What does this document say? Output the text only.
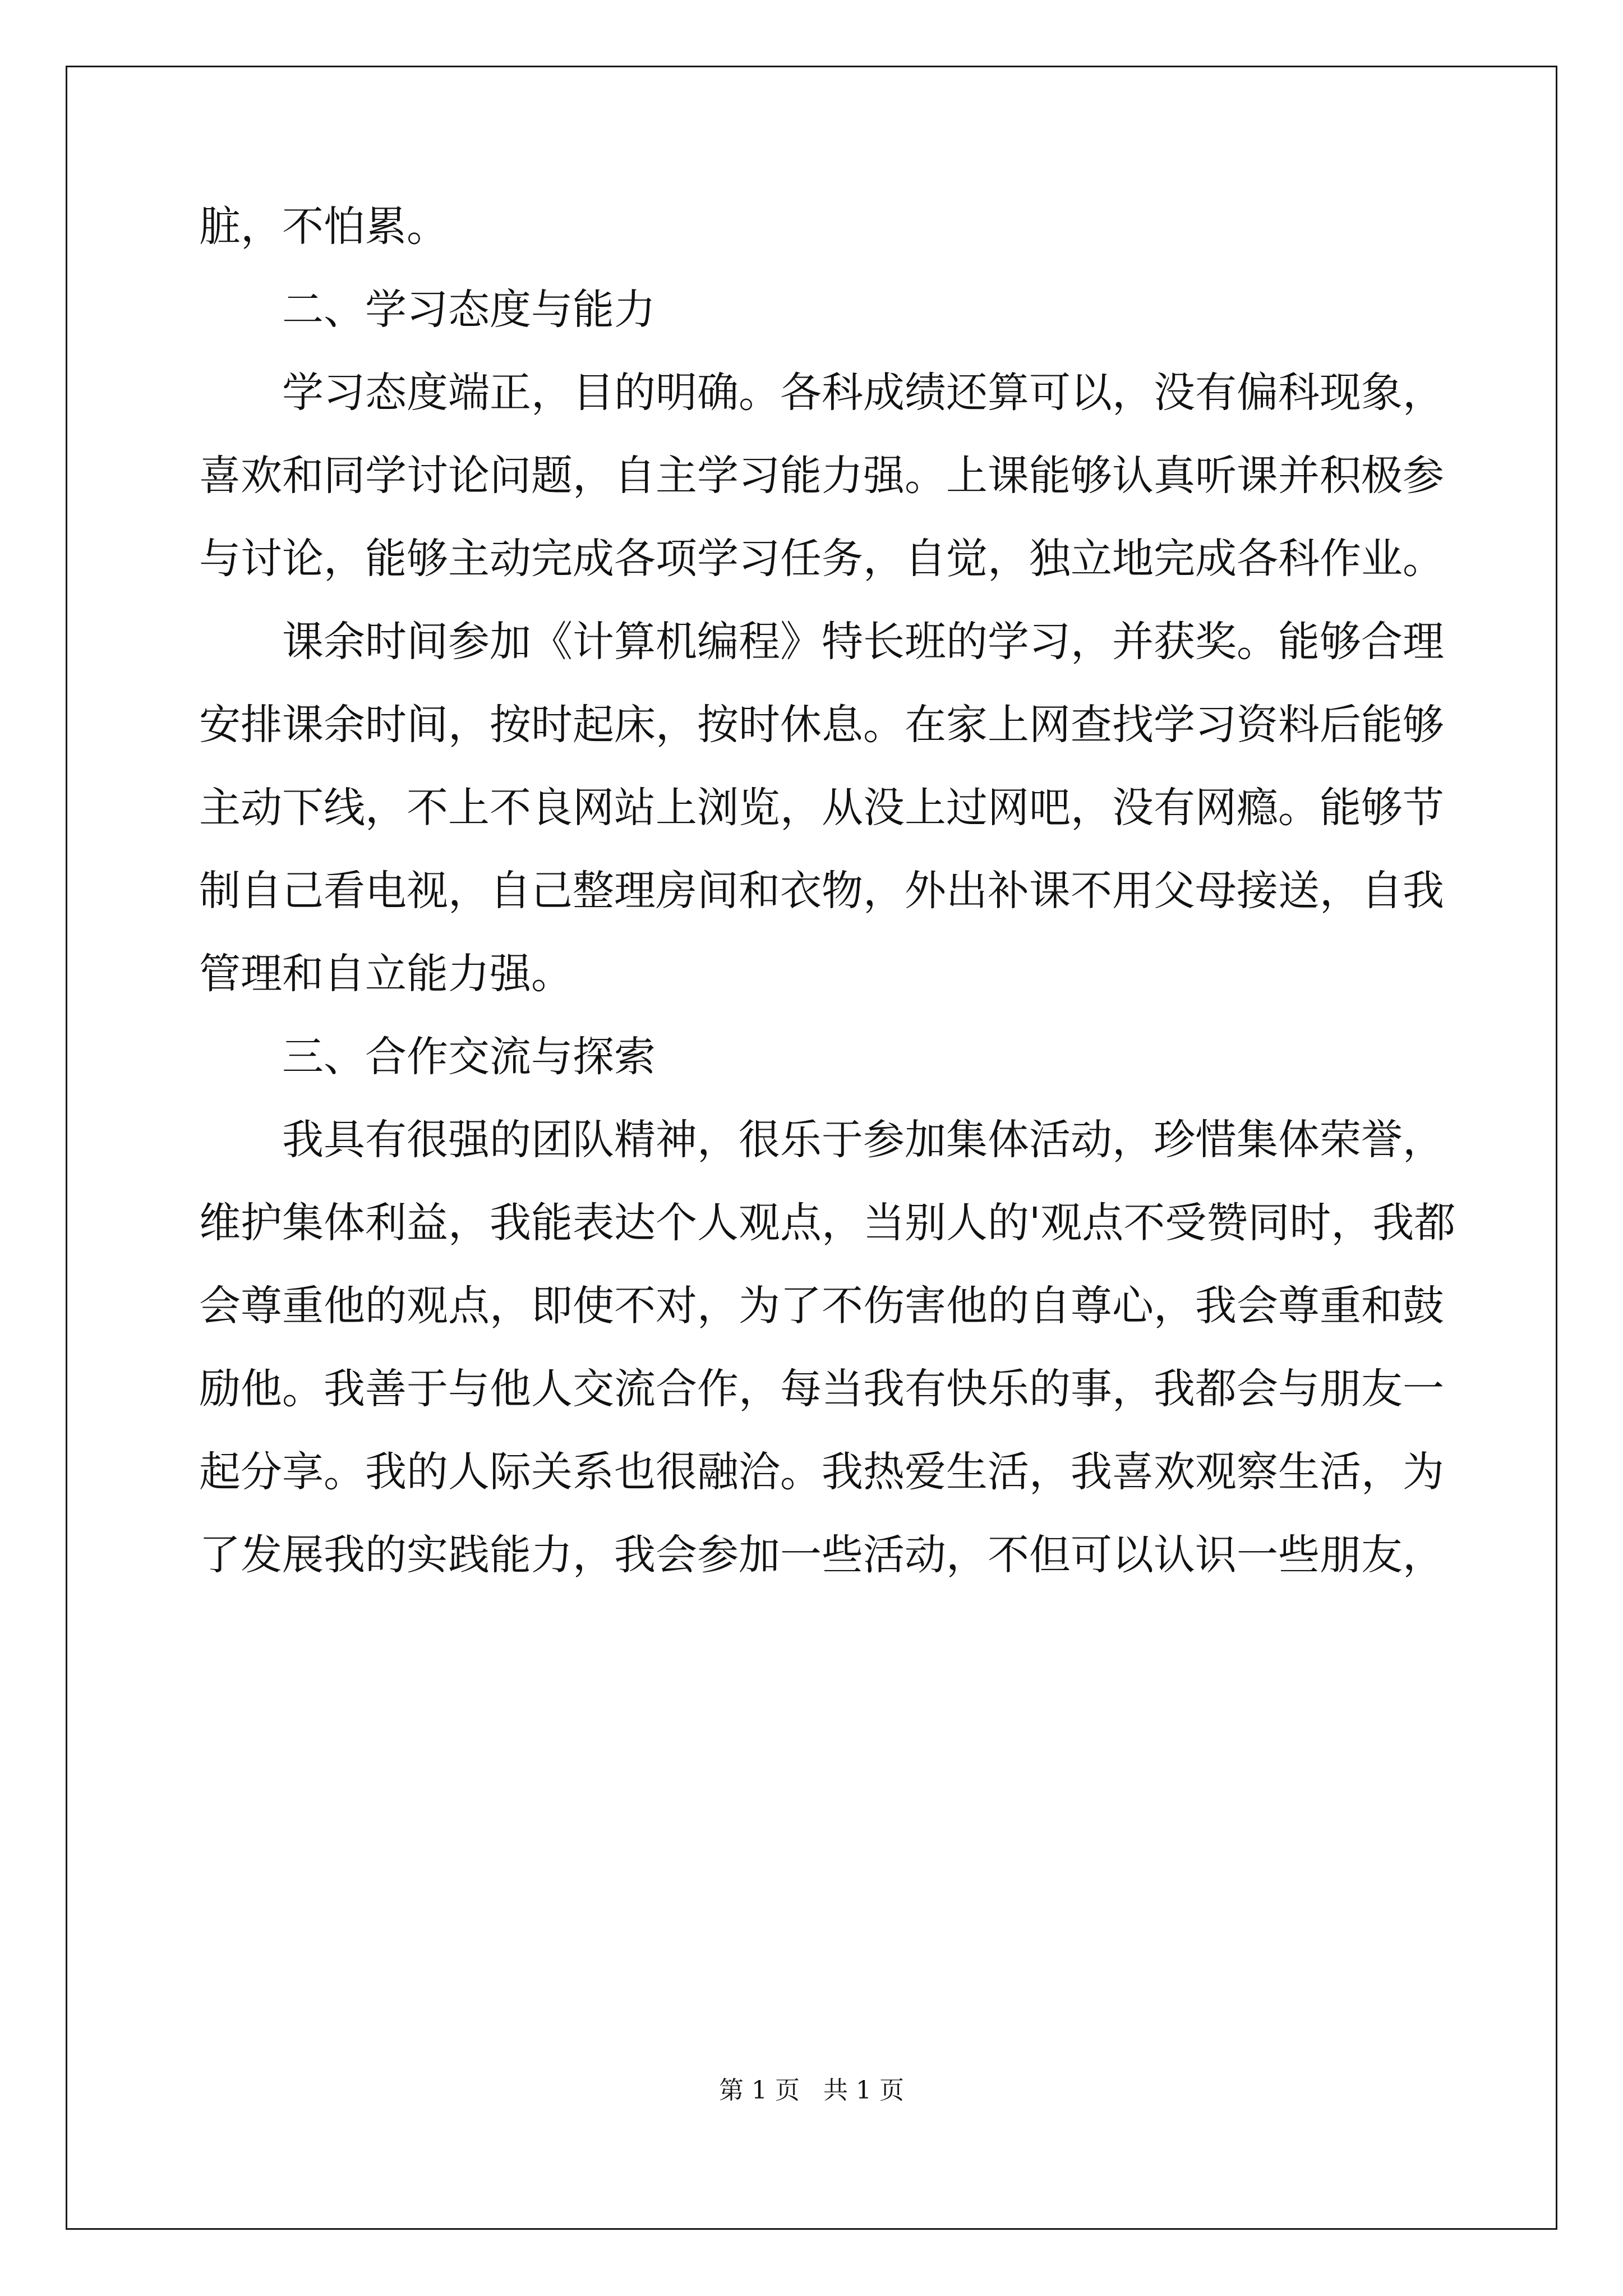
脏，不怕累。
二、学习态度与能力
学习态度端正，目的明确。各科成绩还算可以，没有偏科现象，
喜欢和同学讨论问题，自主学习能力强。上课能够认真听课并积极参
与讨论，能够主动完成各项学习任务，自觉，独立地完成各科作业。
课余时间参加《计算机编程》特长班的学习，并获奖。能够合理
安排课余时间，按时起床，按时休息。在家上网查找学习资料后能够
主动下线，不上不良网站上浏览，从没上过网吧，没有网瘾。能够节
制自己看电视，自己整理房间和衣物，外出补课不用父母接送，自我
管理和自立能力强。
三、合作交流与探索
我具有很强的团队精神，很乐于参加集体活动，珍惜集体荣誉，
维护集体利益，我能表达个人观点，当别人的'观点不受赞同时，我都
会尊重他的观点，即使不对，为了不伤害他的自尊心，我会尊重和鼓
励他。我善于与他人交流合作，每当我有快乐的事，我都会与朋友一
起分享。我的人际关系也很融洽。我热爱生活，我喜欢观察生活，为
了发展我的实践能力，我会参加一些活动，不但可以认识一些朋友，
第 1 页   共 1 页
